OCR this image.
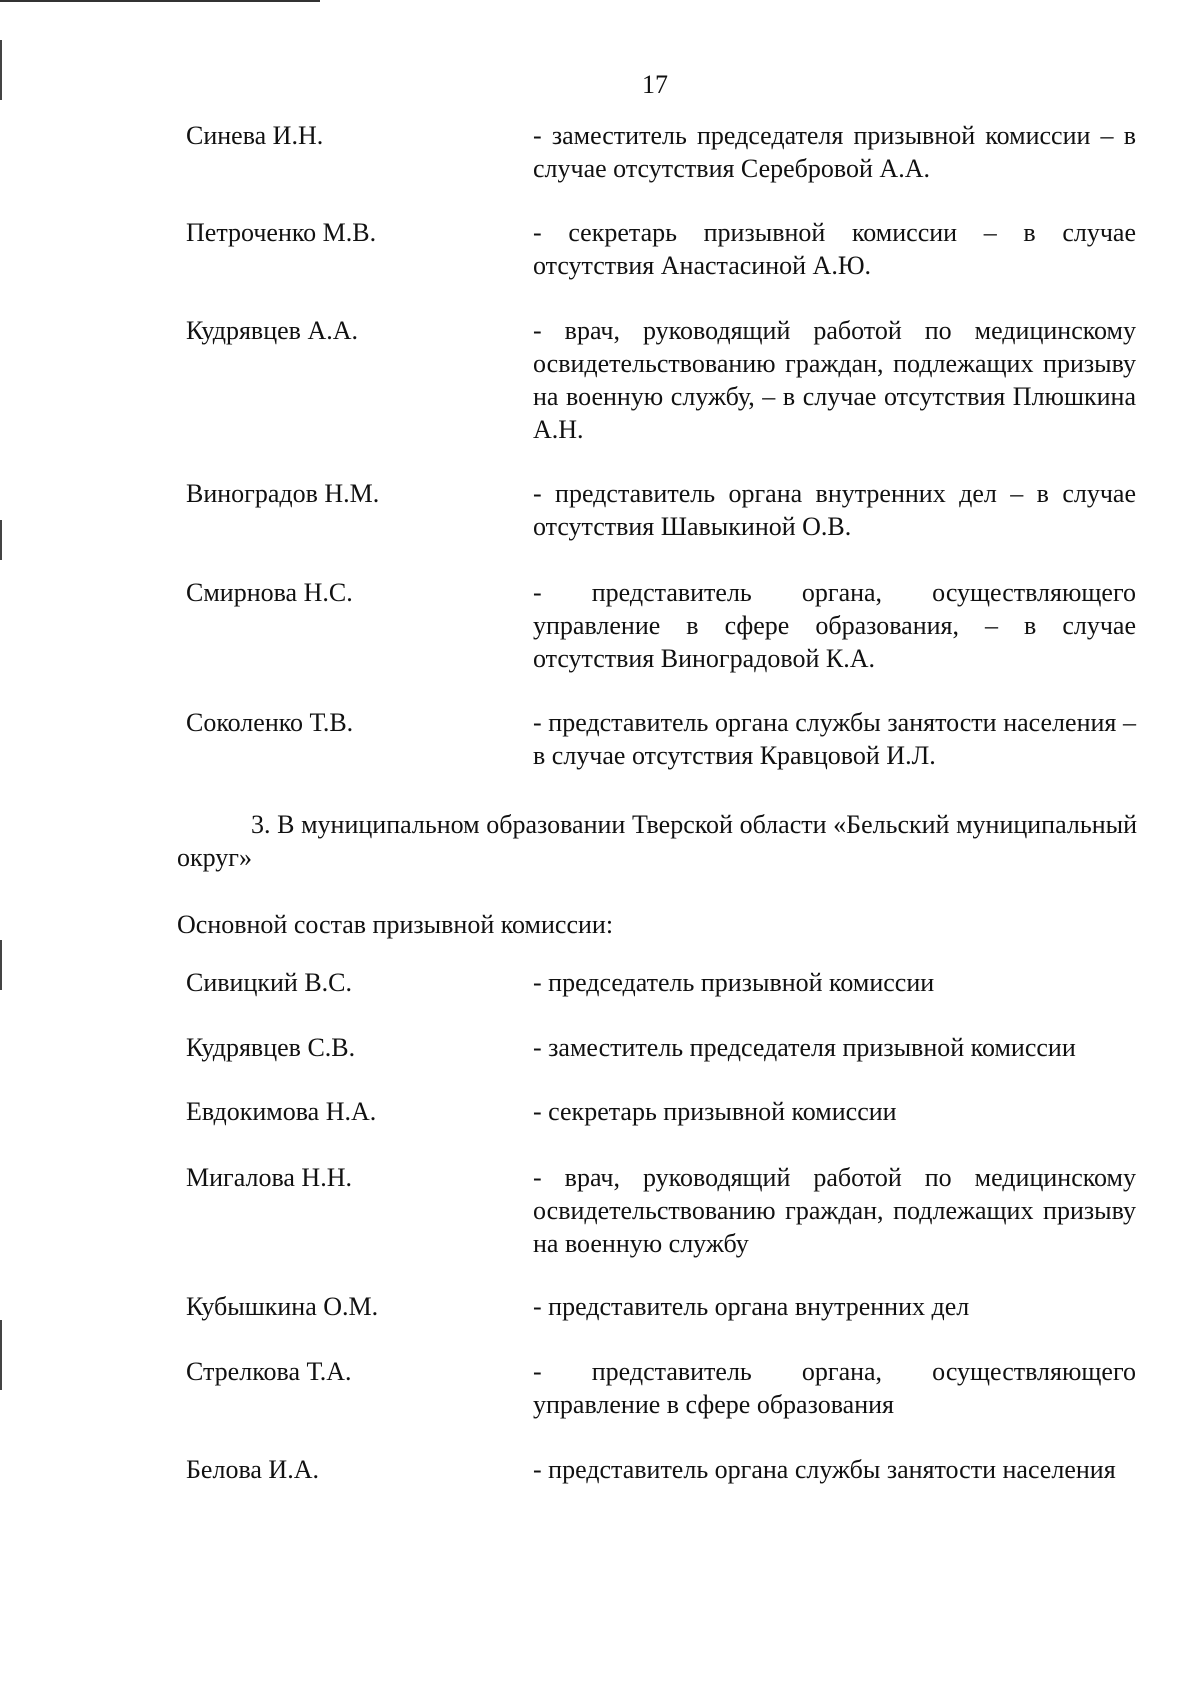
17
Синева И.Н.	- заместитель председателя призывной комиссии – в случае отсутствия Серебровой А.А.
Петроченко М.В.	- секретарь призывной комиссии – в случае отсутствия Анастасиной А.Ю.
Кудрявцев А.А.	- врач, руководящий работой по медицинскому освидетельствованию граждан, подлежащих призыву на военную службу, – в случае отсутствия Плюшкина А.Н.
Виноградов Н.М.	- представитель органа внутренних дел – в случае отсутствия Шавыкиной О.В.
Смирнова Н.С.	- представитель органа, осуществляющего управление в сфере образования, – в случае отсутствия Виноградовой К.А.
Соколенко Т.В.	- представитель органа службы занятости населения – в случае отсутствия Кравцовой И.Л.
3. В муниципальном образовании Тверской области «Бельский муниципальный округ»
Основной состав призывной комиссии:
Сивицкий В.С.	- председатель призывной комиссии
Кудрявцев С.В.	- заместитель председателя призывной комиссии
Евдокимова Н.А.	- секретарь призывной комиссии
Мигалова Н.Н.	- врач, руководящий работой по медицинскому освидетельствованию граждан, подлежащих призыву на военную службу
Кубышкина О.М.	- представитель органа внутренних дел
Стрелкова Т.А.	- представитель органа, осуществляющего управление в сфере образования
Белова И.А.	- представитель органа службы занятости населения
